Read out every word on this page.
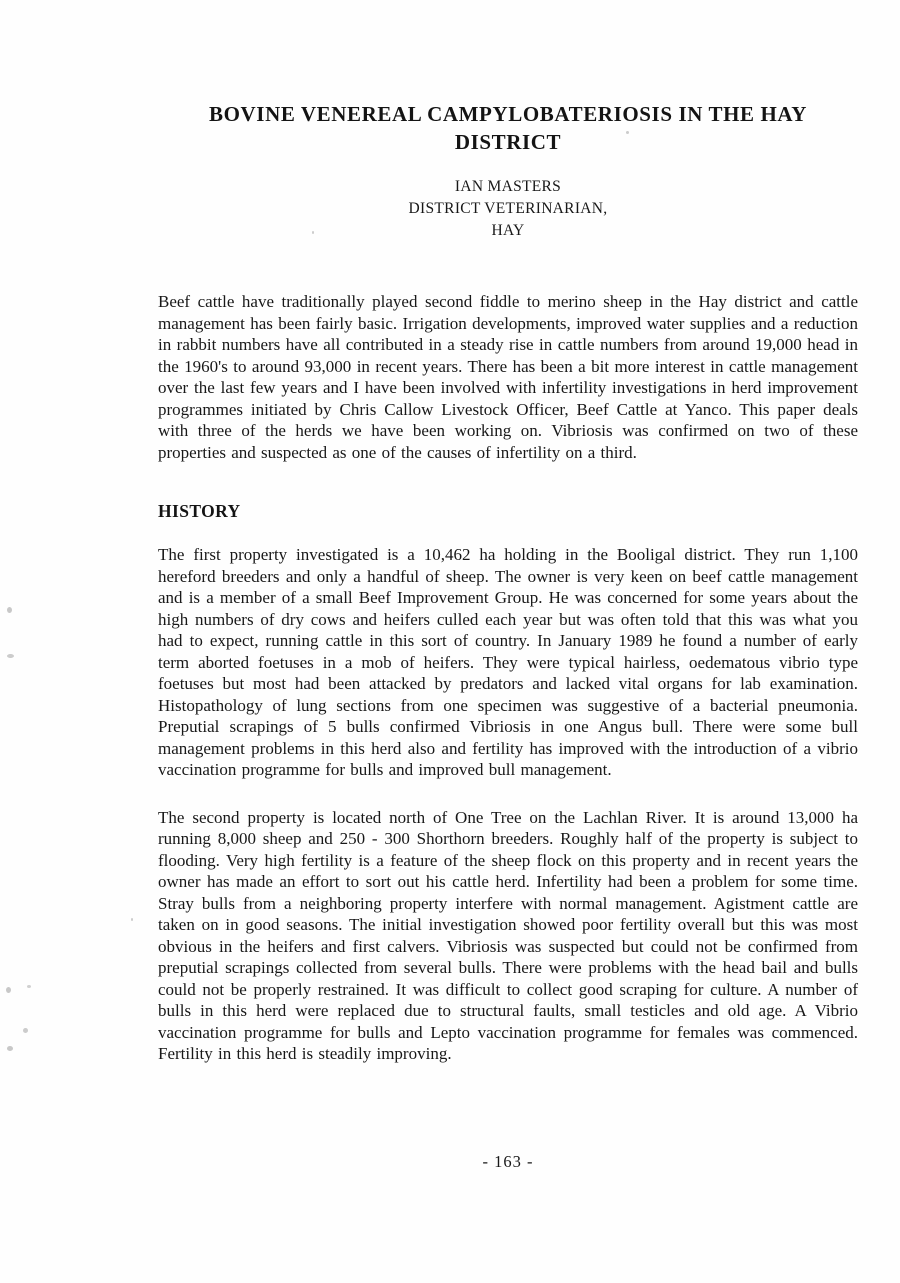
BOVINE VENEREAL CAMPYLOBATERIOSIS IN THE HAY
DISTRICT
IAN MASTERS
DISTRICT VETERINARIAN,
HAY

Beef cattle have traditionally played second fiddle to merino sheep in the Hay district and cattle management has been fairly basic. Irrigation developments, improved water supplies and a reduction in rabbit numbers have all contributed in a steady rise in cattle numbers from around 19,000 head in the 1960's to around 93,000 in recent years. There has been a bit more interest in cattle management over the last few years and I have been involved with infertility investigations in herd improvement programmes initiated by Chris Callow Livestock Officer, Beef Cattle at Yanco. This paper deals with three of the herds we have been working on. Vibriosis was confirmed on two of these properties and suspected as one of the causes of infertility on a third.

HISTORY

The first property investigated is a 10,462 ha holding in the Booligal district. They run 1,100 hereford breeders and only a handful of sheep. The owner is very keen on beef cattle management and is a member of a small Beef Improvement Group. He was concerned for some years about the high numbers of dry cows and heifers culled each year but was often told that this was what you had to expect, running cattle in this sort of country. In January 1989 he found a number of early term aborted foetuses in a mob of heifers. They were typical hairless, oedematous vibrio type foetuses but most had been attacked by predators and lacked vital organs for lab examination. Histopathology of lung sections from one specimen was suggestive of a bacterial pneumonia. Preputial scrapings of 5 bulls confirmed Vibriosis in one Angus bull. There were some bull management problems in this herd also and fertility has improved with the introduction of a vibrio vaccination programme for bulls and improved bull management.

The second property is located north of One Tree on the Lachlan River. It is around 13,000 ha running 8,000 sheep and 250 - 300 Shorthorn breeders. Roughly half of the property is subject to flooding. Very high fertility is a feature of the sheep flock on this property and in recent years the owner has made an effort to sort out his cattle herd. Infertility had been a problem for some time. Stray bulls from a neighboring property interfere with normal management. Agistment cattle are taken on in good seasons. The initial investigation showed poor fertility overall but this was most obvious in the heifers and first calvers. Vibriosis was suspected but could not be confirmed from preputial scrapings collected from several bulls. There were problems with the head bail and bulls could not be properly restrained. It was difficult to collect good scraping for culture. A number of bulls in this herd were replaced due to structural faults, small testicles and old age. A Vibrio vaccination programme for bulls and Lepto vaccination programme for females was commenced. Fertility in this herd is steadily improving.

- 163 -
